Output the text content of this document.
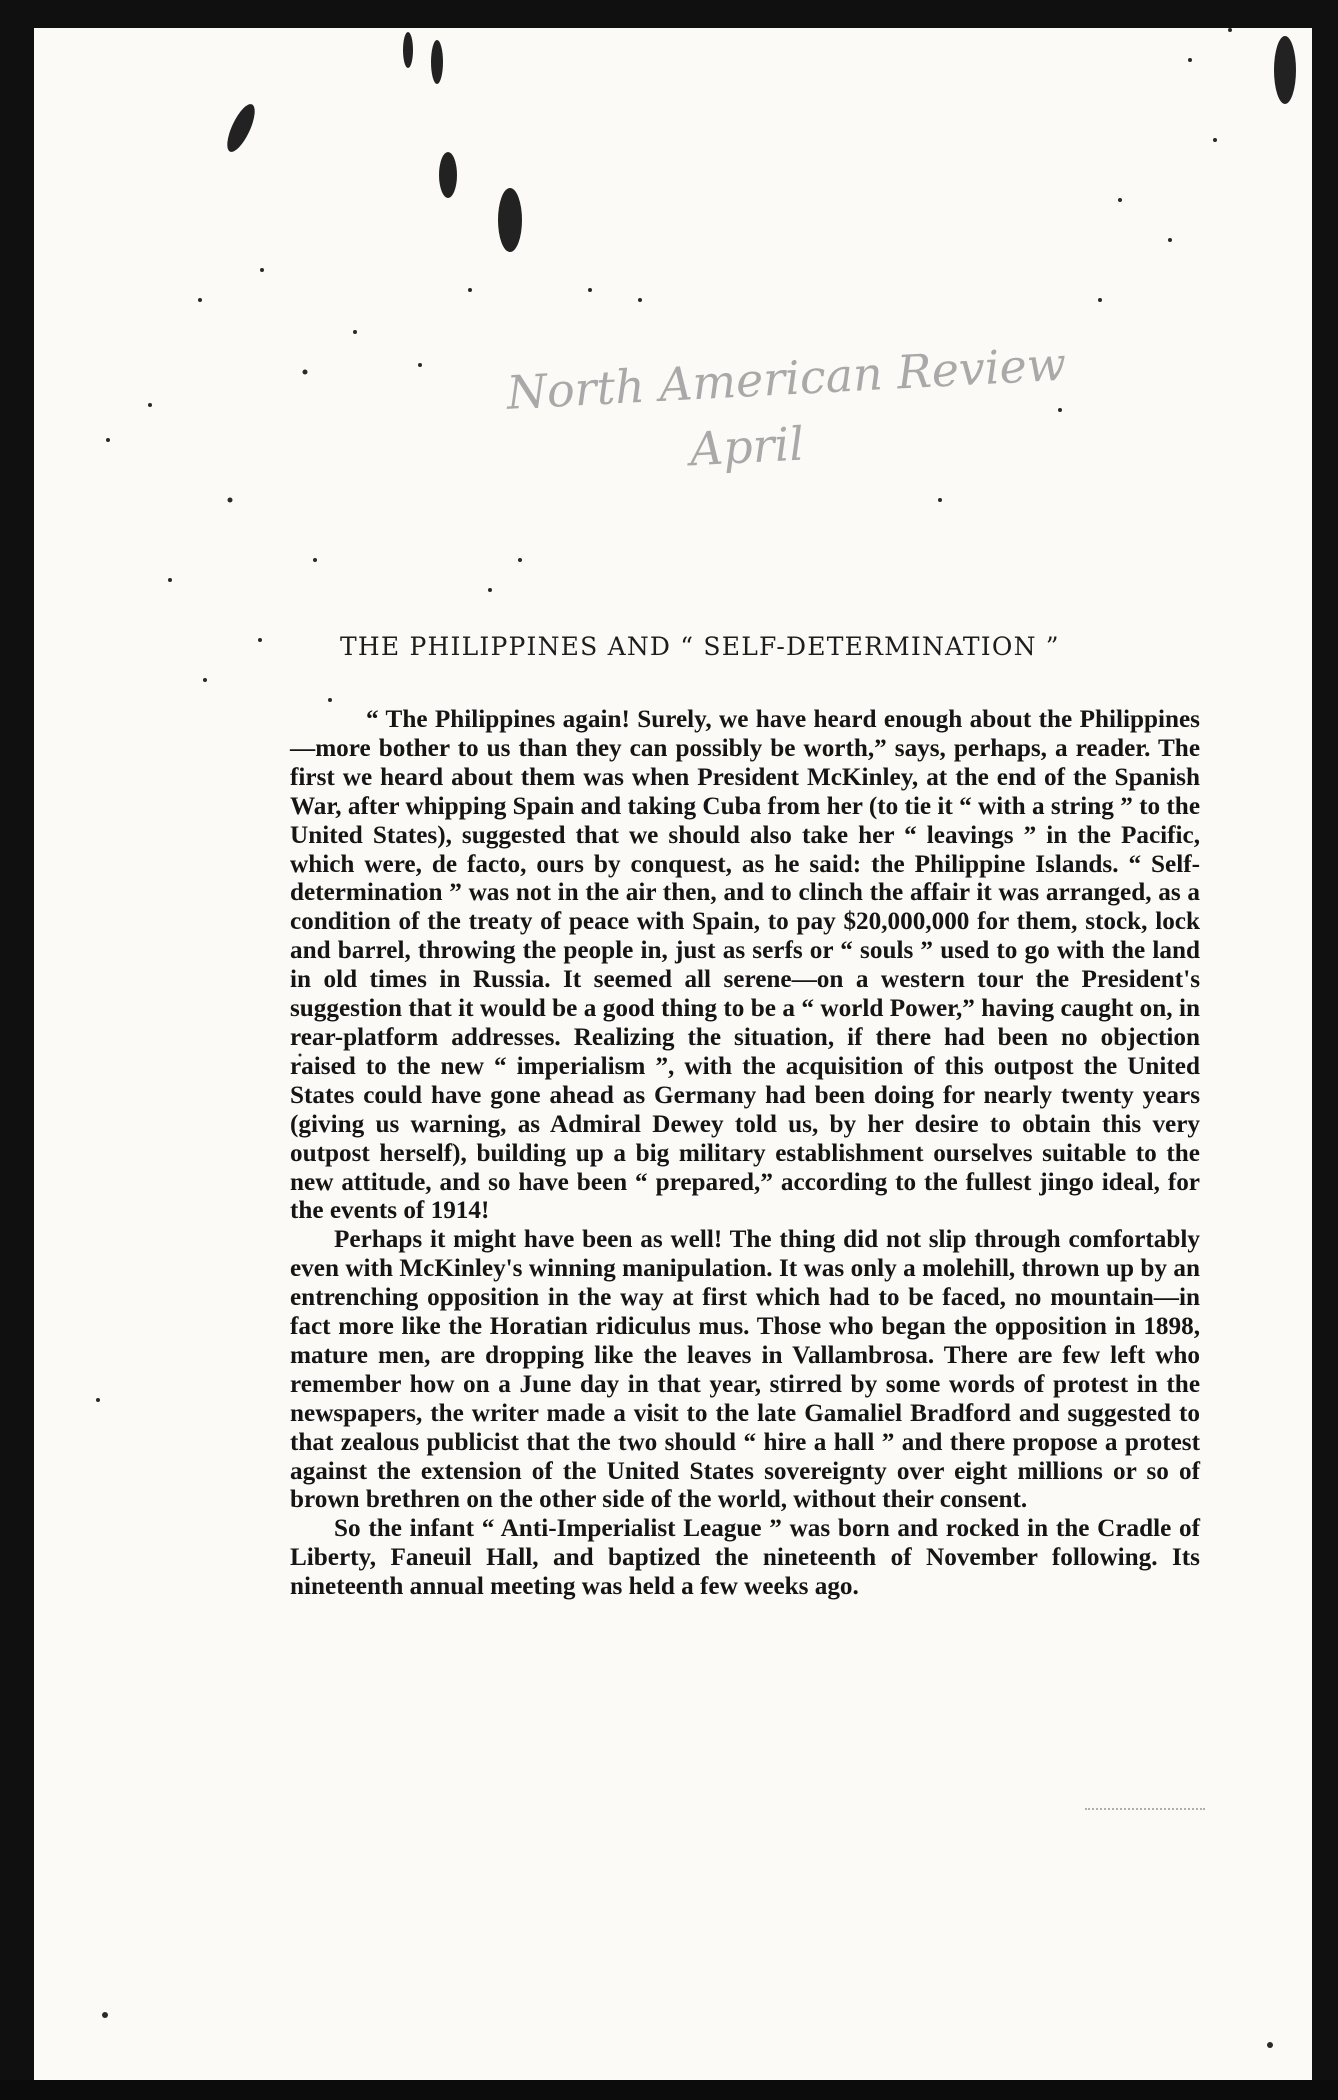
North American Review
April
THE PHILIPPINES AND “ SELF-DETERMINATION ”

“ The Philippines again! Surely, we have heard enough about the Philippines—more bother to us than they can possibly be worth,” says, perhaps, a reader. The first we heard about them was when President McKinley, at the end of the Spanish War, after whipping Spain and taking Cuba from her (to tie it “ with a string ” to the United States), suggested that we should also take her “ leavings ” in the Pacific, which were, de facto, ours by conquest, as he said: the Philippine Islands. “ Self-determination ” was not in the air then, and to clinch the affair it was arranged, as a condition of the treaty of peace with Spain, to pay $20,000,000 for them, stock, lock and barrel, throwing the people in, just as serfs or “ souls ” used to go with the land in old times in Russia. It seemed all serene—on a western tour the President's suggestion that it would be a good thing to be a “ world Power,” having caught on, in rear-platform addresses. Realizing the situation, if there had been no objection raised to the new “ imperialism ”, with the acquisition of this outpost the United States could have gone ahead as Germany had been doing for nearly twenty years (giving us warning, as Admiral Dewey told us, by her desire to obtain this very outpost herself), building up a big military establishment ourselves suitable to the new attitude, and so have been “ prepared,” according to the fullest jingo ideal, for the events of 1914!

Perhaps it might have been as well! The thing did not slip through comfortably even with McKinley's winning manipulation. It was only a molehill, thrown up by an entrenching opposition in the way at first which had to be faced, no mountain—in fact more like the Horatian ridiculus mus. Those who began the opposition in 1898, mature men, are dropping like the leaves in Vallambrosa. There are few left who remember how on a June day in that year, stirred by some words of protest in the newspapers, the writer made a visit to the late Gamaliel Bradford and suggested to that zealous publicist that the two should “ hire a hall ” and there propose a protest against the extension of the United States sovereignty over eight millions or so of brown brethren on the other side of the world, without their consent.

So the infant “ Anti-Imperialist League ” was born and rocked in the Cradle of Liberty, Faneuil Hall, and baptized the nineteenth of November following. Its nineteenth annual meeting was held a few weeks ago.
